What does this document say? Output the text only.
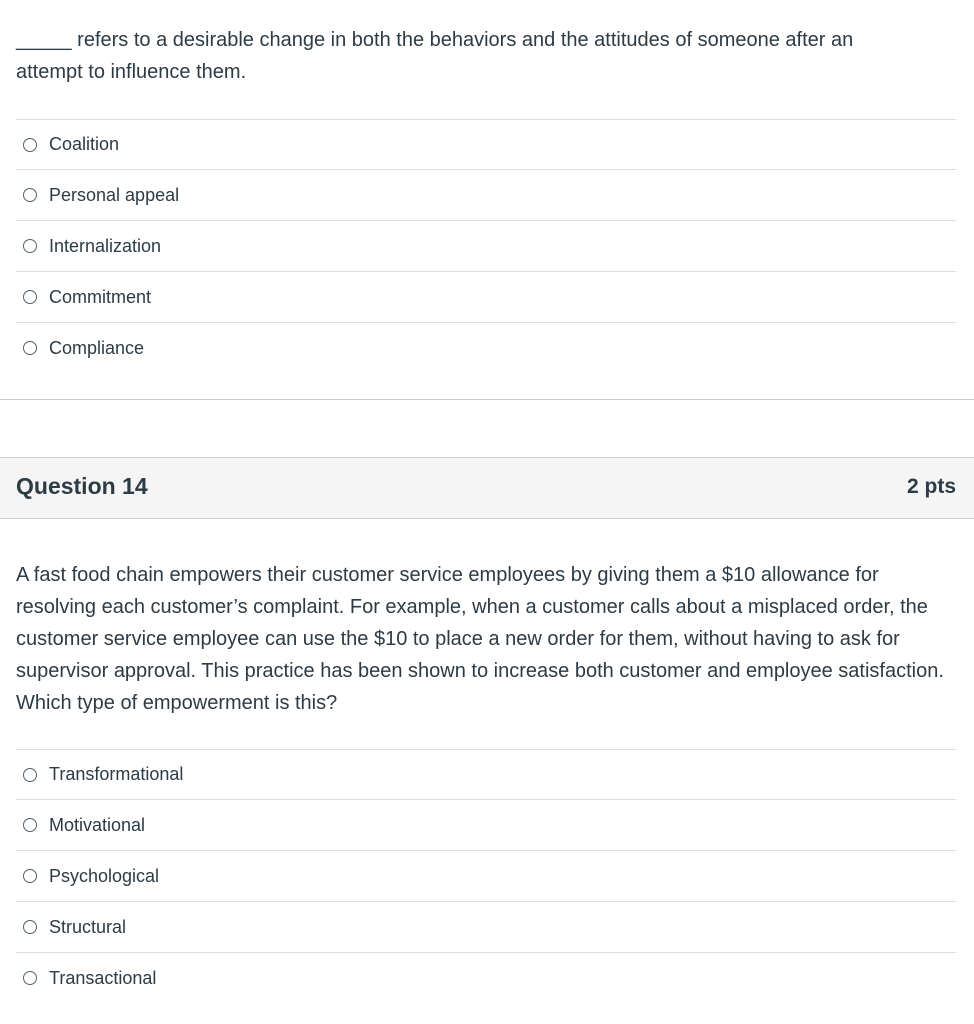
_____ refers to a desirable change in both the behaviors and the attitudes of someone after an attempt to influence them.

Coalition
Personal appeal
Internalization
Commitment
Compliance
Question 14	2 pts

A fast food chain empowers their customer service employees by giving them a $10 allowance for resolving each customer’s complaint. For example, when a customer calls about a misplaced order, the customer service employee can use the $10 to place a new order for them, without having to ask for supervisor approval. This practice has been shown to increase both customer and employee satisfaction. Which type of empowerment is this?

Transformational
Motivational
Psychological
Structural
Transactional
